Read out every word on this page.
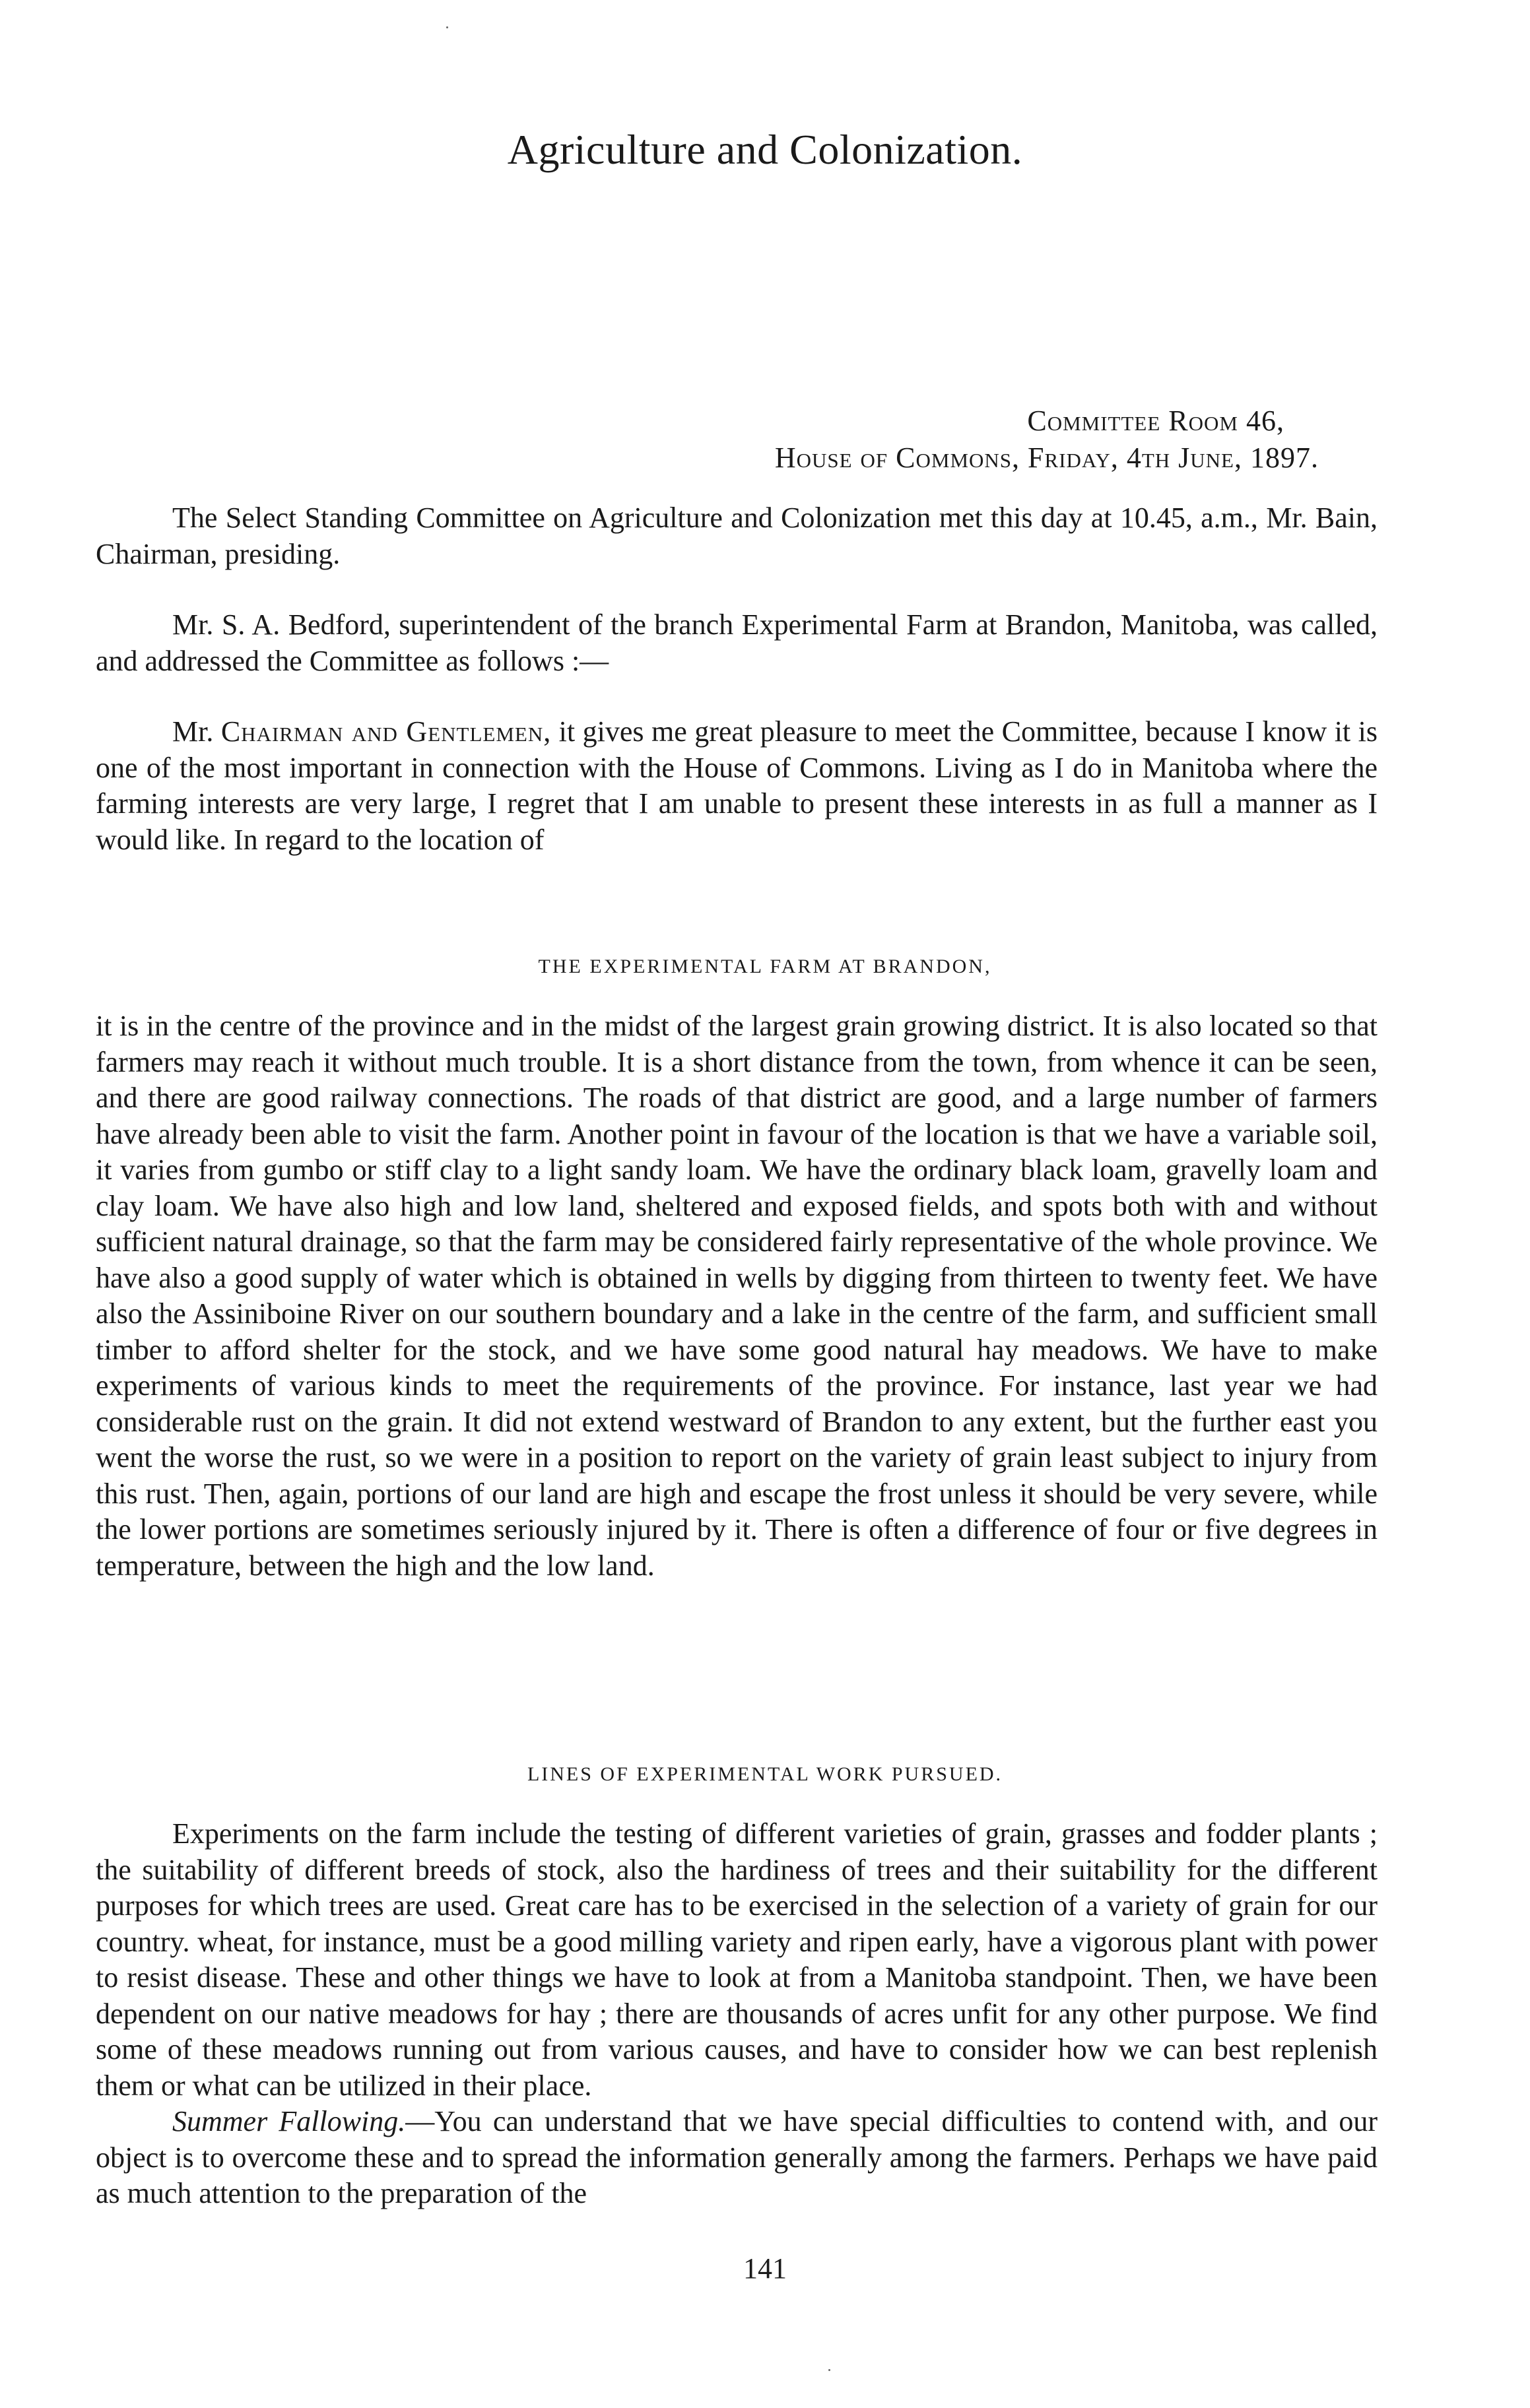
Agriculture and Colonization.
Committee Room 46,
House of Commons, Friday, 4th June, 1897.

The Select Standing Committee on Agriculture and Colonization met this day at 10.45, a.m., Mr. Bain, Chairman, presiding.

Mr. S. A. Bedford, superintendent of the branch Experimental Farm at Brandon, Manitoba, was called, and addressed the Committee as follows :—

Mr. Chairman and Gentlemen, it gives me great pleasure to meet the Committee, because I know it is one of the most important in connection with the House of Commons. Living as I do in Manitoba where the farming interests are very large, I regret that I am unable to present these interests in as full a manner as I would like. In regard to the location of

THE EXPERIMENTAL FARM AT BRANDON,

it is in the centre of the province and in the midst of the largest grain growing district. It is also located so that farmers may reach it without much trouble. It is a short distance from the town, from whence it can be seen, and there are good railway connections. The roads of that district are good, and a large number of farmers have already been able to visit the farm. Another point in favour of the location is that we have a variable soil, it varies from gumbo or stiff clay to a light sandy loam. We have the ordinary black loam, gravelly loam and clay loam. We have also high and low land, sheltered and exposed fields, and spots both with and without sufficient natural drainage, so that the farm may be considered fairly representative of the whole province. We have also a good supply of water which is obtained in wells by digging from thirteen to twenty feet. We have also the Assiniboine River on our southern boundary and a lake in the centre of the farm, and sufficient small timber to afford shelter for the stock, and we have some good natural hay meadows. We have to make experiments of various kinds to meet the requirements of the province. For instance, last year we had considerable rust on the grain. It did not extend westward of Brandon to any extent, but the further east you went the worse the rust, so we were in a position to report on the variety of grain least subject to injury from this rust. Then, again, portions of our land are high and escape the frost unless it should be very severe, while the lower portions are sometimes seriously injured by it. There is often a difference of four or five degrees in temperature, between the high and the low land.

LINES OF EXPERIMENTAL WORK PURSUED.

Experiments on the farm include the testing of different varieties of grain, grasses and fodder plants ; the suitability of different breeds of stock, also the hardiness of trees and their suitability for the different purposes for which trees are used. Great care has to be exercised in the selection of a variety of grain for our country. wheat, for instance, must be a good milling variety and ripen early, have a vigorous plant with power to resist disease. These and other things we have to look at from a Manitoba standpoint. Then, we have been dependent on our native meadows for hay ; there are thousands of acres unfit for any other purpose. We find some of these meadows running out from various causes, and have to consider how we can best replenish them or what can be utilized in their place.

Summer Fallowing.—You can understand that we have special difficulties to contend with, and our object is to overcome these and to spread the information generally among the farmers. Perhaps we have paid as much attention to the preparation of the

141
